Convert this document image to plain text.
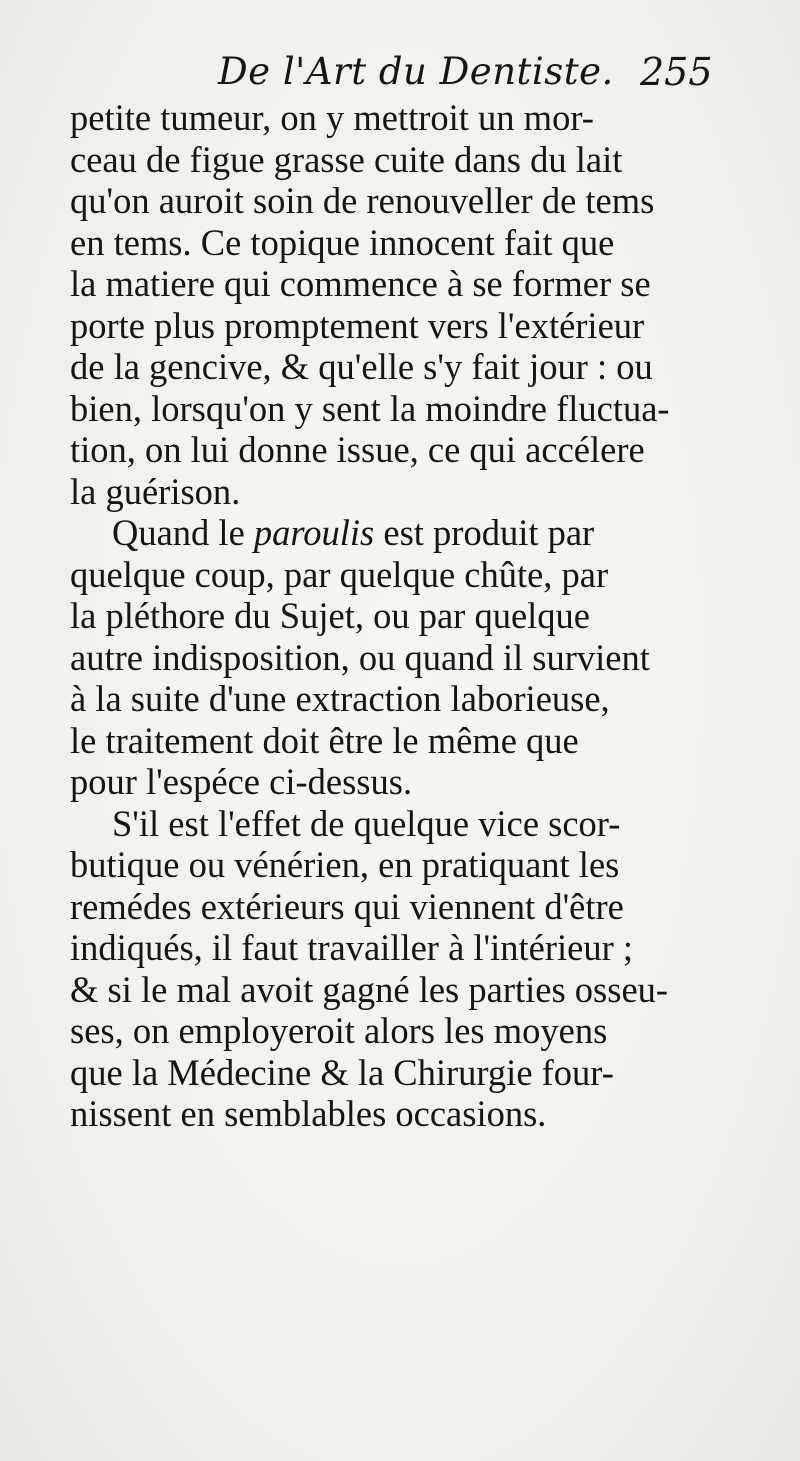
De l'Art du Dentiste. 255
petite tumeur, on y mettroit un mor-
ceau de figue grasse cuite dans du lait
qu'on auroit soin de renouveller de tems
en tems. Ce topique innocent fait que
la matiere qui commence à se former se
porte plus promptement vers l'extérieur
de la gencive, & qu'elle s'y fait jour : ou
bien, lorsqu'on y sent la moindre fluctua-
tion, on lui donne issue, ce qui accélere
la guérison.
Quand le paroulis est produit par
quelque coup, par quelque chûte, par
la pléthore du Sujet, ou par quelque
autre indisposition, ou quand il survient
à la suite d'une extraction laborieuse,
le traitement doit être le même que
pour l'espéce ci-dessus.
S'il est l'effet de quelque vice scor-
butique ou vénérien, en pratiquant les
remédes extérieurs qui viennent d'être
indiqués, il faut travailler à l'intérieur ;
& si le mal avoit gagné les parties osseu-
ses, on employeroit alors les moyens
que la Médecine & la Chirurgie four-
nissent en semblables occasions.
